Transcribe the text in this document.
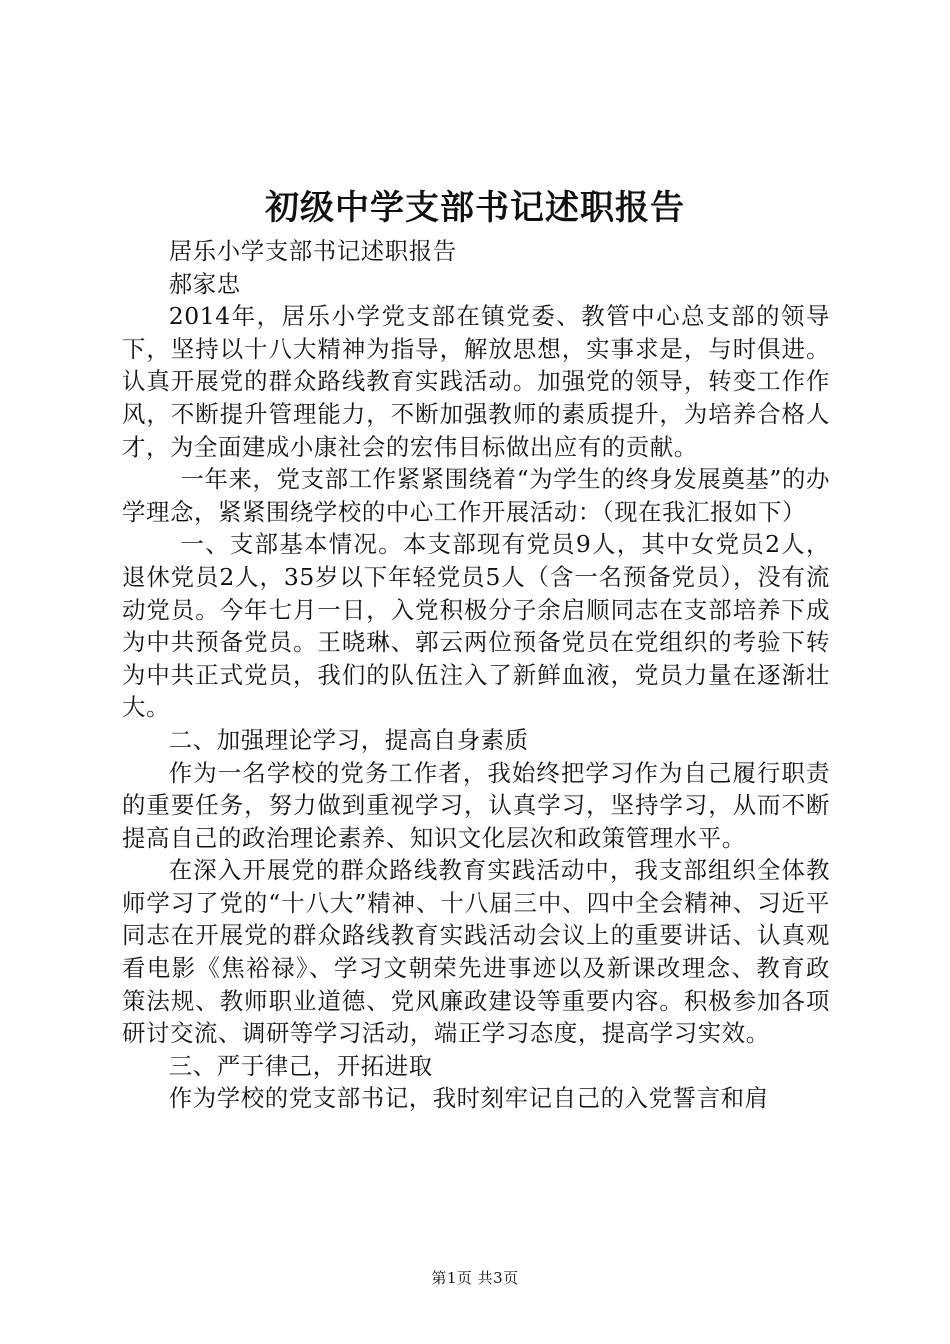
初级中学支部书记述职报告

居乐小学支部书记述职报告

郝家忠

2014年，居乐小学党支部在镇党委、教管中心总支部的领导下，坚持以十八大精神为指导，解放思想，实事求是，与时俱进。认真开展党的群众路线教育实践活动。加强党的领导，转变工作作风，不断提升管理能力，不断加强教师的素质提升，为培养合格人才，为全面建成小康社会的宏伟目标做出应有的贡献。

一年来，党支部工作紧紧围绕着“为学生的终身发展奠基”的办学理念，紧紧围绕学校的中心工作开展活动：（现在我汇报如下）

一、支部基本情况。本支部现有党员9人，其中女党员2人，退休党员2人，35岁以下年轻党员5人（含一名预备党员），没有流动党员。今年七月一日，入党积极分子余启顺同志在支部培养下成为中共预备党员。王晓琳、郭云两位预备党员在党组织的考验下转为中共正式党员，我们的队伍注入了新鲜血液，党员力量在逐渐壮大。

二、加强理论学习，提高自身素质

作为一名学校的党务工作者，我始终把学习作为自己履行职责的重要任务，努力做到重视学习，认真学习，坚持学习，从而不断提高自己的政治理论素养、知识文化层次和政策管理水平。

在深入开展党的群众路线教育实践活动中，我支部组织全体教师学习了党的“十八大”精神、十八届三中、四中全会精神、习近平同志在开展党的群众路线教育实践活动会议上的重要讲话、认真观看电影《焦裕禄》、学习文朝荣先进事迹以及新课改理念、教育政策法规、教师职业道德、党风廉政建设等重要内容。积极参加各项研讨交流、调研等学习活动，端正学习态度，提高学习实效。

三、严于律己，开拓进取

作为学校的党支部书记，我时刻牢记自己的入党誓言和肩

第1页 共3页
